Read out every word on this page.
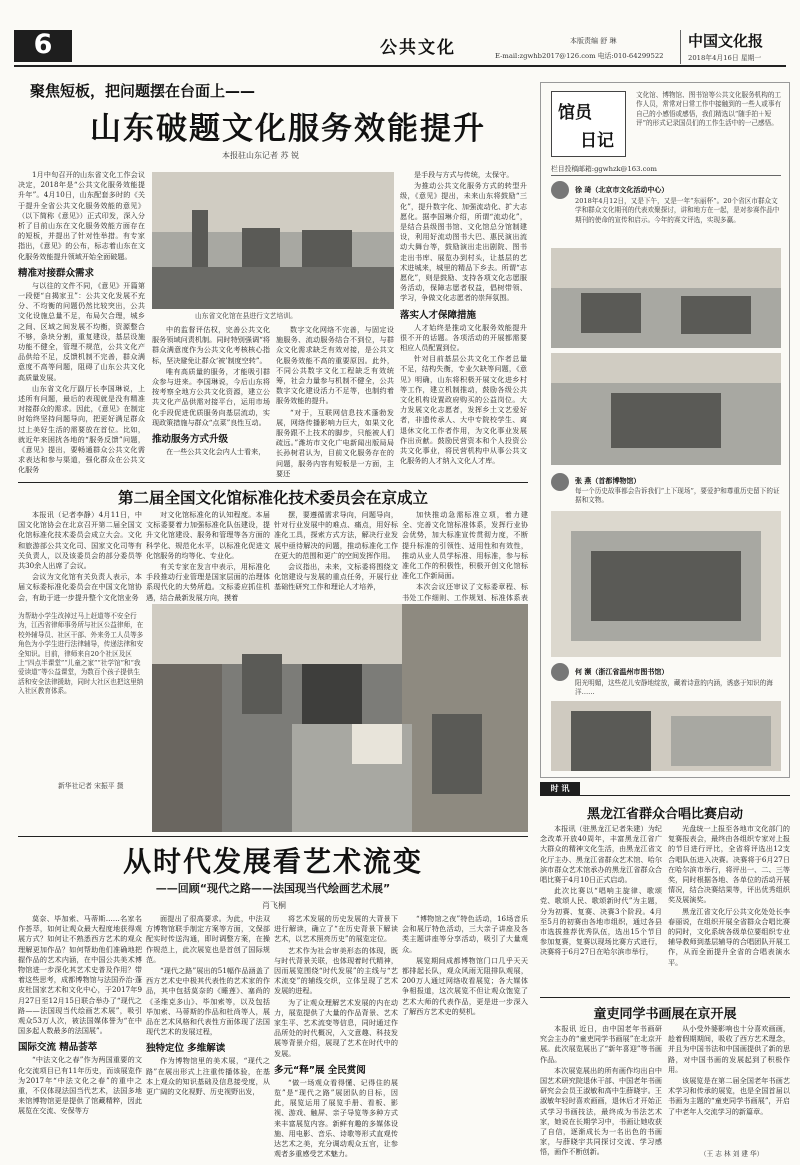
6	公共文化	本版责编 舒 琳
E-mail:zgwhb2017@126.com 电话:010-64299522
中国文化报
2018年4月16日 星期一
聚焦短板，把问题摆在台面上——
山东破题文化服务效能提升
本报驻山东记者 苏 锐

1月中旬召开的山东省文化工作会议决定，2018年是“公共文化服务效能提升年”。4月10日，山东配套多时的《关于提升全省公共文化服务效能的意见》（以下简称《意见》）正式印发，深入分析了目前山东在文化服务效能方面存在的短板，并提出了针对性举措。有专家指出，《意见》的公布，标志着山东在文化服务效能提升领域开始全面破题。

精准对接群众需求

与以往的文件不同，《意见》开篇第一段便“自揭家丑”：公共文化发展不充分、不均衡的问题仍然比较突出，公共文化设施总量不足，布局欠合理，城乡之间、区域之间发展不均衡，资源整合不够，条块分割，重复建设，基层设施功能不健全，管理不规范，公共文化产品供给不足，反馈机制不完善，群众满意度不高等问题，阻碍了山东公共文化高质量发展。

山东省文化厅副厅长李国琳说，上述所有问题，最后的表现就是没有精准对接群众的需求。因此，《意见》在制定时始终坚持问题导向，把更好满足群众过上美好生活的需要放在首位。比如，就近年来困扰各地的“服务反馈”问题，《意见》提出，要畅通群众公共文化需求表达和参与渠道，强化群众在公共文化服务

山东省文化馆在县进行文艺培训。

中的监督评估权，完善公共文化服务领域问责机制。同时特别强调“将群众满意度作为公共文化考核核心指标，坚决避免让群众‘被’制度空转”。

唯有高质量的服务，才能吸引群众参与进来。李国琳说，今后山东将按考察全地方公共文化资源，建立公共文化产品供需对接平台，运用市场化手段促进优质服务向基层流动，实现政策措施与群众“点菜”良性互动。

推动服务方式升级

在一些公共文化会内人士看来，

数字文化网络不完善，与固定设施服务、流动服务结合不到位，与群众文化需求缺乏有效对接，是公共文化服务效能不高的重要原因。此外，不同公共数字文化工程缺乏有效统筹，社会力量参与机制不健全，公共数字文化建设活力不足等，也制约着服务效能的提升。

“对于，互联网信息技术蓬勃发展，网络传播影响力巨大，如果文化服务跟不上技术的脚步，只能被人们疏远。”潍坊市文化广电新闻出版局局长孙树君认为，目前文化服务存在的问题，服务内容有短板是一方面，主要还

是手段与方式与传统，太保守。

为推动公共文化服务方式的转型升级，《意见》提出，未来山东将鼓励“三化”，提升数字化、加强流动化、扩大志愿化。据李国琳介绍，所谓“流动化”，是结合县级图书馆、文化馆总分馆制建设，利用好流动图书大巴、惠民演出流动大舞台等，鼓励演出走出剧院、图书走出书库、展览办到村头，让基层的艺术进城来，城里的精品下乡去。所谓“志愿化”，则是鼓励、支持各项文化志愿服务活动，保障志愿者权益，倡树带领、学习，争做文化志愿者的崇拜氛围。

落实人才保障措施

人才始终是推动文化服务效能提升很不开的话题。各项活动的开展都需要相应人员配置到位。

针对目前基层公共文化工作者总量不足，结构失衡，专业欠缺等问题，《意见》明确，山东将积极开展文化进乡村等工作，建立机制推动，鼓励各级公共文化机构设置政府购买的公益岗位。大力发展文化志愿者，发挥乡土文艺爱好者，非遗传承人、大中专院校学生、离退休文化工作者作用，为文化事业发展作出贡献。鼓励民营资本和个人投资公共文化事业，将民营机构中从事公共文化服务的人才纳入文化人才库。

馆员
日记
文化馆、博物馆、图书馆等公共文化服务机构的工作人员，常常对日常工作中接触到的一些人或事有自己的小感悟或感悟，我们精选以“随手拍＋短评”的形式记录国员们的工作生活中的一己感悟。
栏目投稿邮箱:ggwhzk@163.com
徐 琦（北京市文化活动中心）
2018年4月12日，又是下午，又是一年“东丽杯”。20个省区市群众文学和群众文化期刊的代表欢聚探讨，讲和地方在一起，是对参赛作品中期刊的使命的宣传和启示。今年的赛文评选，实现多赢。
张 燕（首都博物馆）
每一个历史故事都会告诉我们“上下现场”，要爱护和尊重历史留下的证据和文物。
何 濒（浙江省温州市图书馆）
阳光明媚，这些花儿安静地绽放，藏着诗意的内涵，诱惑于知识的海洋……
第二届全国文化馆标准化技术委员会在京成立

本报讯（记者李静）4月11日，中国文化馆协会在北京召开第二届全国文化馆标准化技术委员会成立大会。文化和旅游部公共文化司、国家文化司等有关负责人，以及该委员会的部分委员等共30余人出席了会议。

会议为文化馆有关负责人表示，本届文标委标准化委员会在中国文化馆协会，有助于进一步提升整个文化馆业务

对文化馆标准化的认知程度。本届文标委要着力加强标准化队伍建设，提升文化馆建设、服务和管理等各方面的科学化、规范化水平，以标准化促进文化馆服务的均等化、专业化。

有关专家在发言中表示，用标准化手段推动行业管理是国家层面的治理体系现代化的大势所趋。文标委应抓住机遇，结合最新发展方向，摸着

摆，要遵循需求导向，问题导向，针对行业发展中的难点、痛点，用好标准化工具，探索方式方法，解决行业发展中亟待解决的问题，推动标准化工作在更大的范围和更广的空间发挥作用。

会议指出，未来，文标委将围绕文化馆建设与发展的重点任务，开展行业基础性研究工作和理论人才培养，

加快推动急需标准立项，着力建全、完善文化馆标准体系，发挥行业协会优势，加大标准宣传贯彻力度，不断提升标准的引领性、适用性和有效性，推动从业人员学标准、用标准，参与标准化工作的积极性，积极开创文化馆标准化工作新局面。

本次会议还审议了文标委章程、标书处工作细则、工作规划、标准体系表

为帮助小学生改掉过马上赶道等不安全行为，江西省律师事务所与社区公益律师，在校外辅导员、社区干部、外来务工人员等多角色为小学生进行法律辅导，传递法律和安全知识。目前，律师来自20个社区及区上“四点半课堂”“儿童之家”“社学馆”和“我爱读道”等公益课堂，为数百个孩子提供生活和安全法律援助，同时大社区也把这里纳入社区教育体系。
新华社记者 宋振平 摄
从时代发展看艺术流变
——回顾“现代之路——法国现当代绘画艺术展”
肖飞桐

莫奈、毕加索、马蒂斯……名家名作荟萃，如何让观众最大程度地获得观展方式？如何让不熟悉西方艺术的观众理解更加作品？如何帮助他们准确地把握作品的艺术内涵，在中国公共美术博物馆进一步深化其艺术史普及作用？带着这些思考，成都博物馆与法国乔治·蓬皮杜国家艺术和文化中心，于2017年9月27日至12月15日联合举办了“现代之路——法国现当代绘画艺术展”，吸引观众53万人次，被法国媒体誉为“在中国多起人数最多的法国展”。

国际交流 精品荟萃

“中法文化之春”作为两国重要的文化交流项目已有11年历史，而该展览作为2017年“中法文化之春”的重中之重，不仅体现法国当代艺术，法国多地来馆博物馆更是提供了馆藏精粹，因此展览在交流、安保等方

面提出了很高要求。为此，中法双方博物馆联手制定方案等方面，文保部配实时传送沟通，即时调整方案，在操作规范上，此次展览也是首创了国际规范。

“现代之路”展出的51幅作品涵盖了西方艺术史中极其代表性的艺术家的作品，其中包括莫奈的《睡莲》、塞尚的《圣维克多山》、毕加索等，以及包括毕加索、马蒂斯的作品和杜尚等人，展品在艺术风格和代表性方面体现了法国现代艺术的发展过程，

独特定位 多维解读

作为博物馆里的美术展，“现代之路”在展出形式上注重传播体验，在基本上观众的知识基础及信息接受度，从更广阔的文化视野、历史视野出发，

将艺术发展的历史发展的大背景下进行解读，确立了“在历史背景下解读艺术，以艺术照亮历史”的展览定位。

艺术作为社会审美形态的体现，既与时代背景关联，也体现着时代精神，因而展览围绕“时代发展”的主线与“艺术流变”的辅线交织，立体呈现了艺术发展的进程。

为了让观众理解艺术发展的内在动力，展览提供了大量的作品背景、艺术家生平、艺术流变等信息，同时通过作品所处的时代概况，入文意趣、科技发展等背景介绍，展现了艺术在时代中的发展。

多元“释”展 全民赏阅

“做一场观众看得懂、记得住的展览”是“现代之路”展团队的目标，因此，展览运用了展览手册、看板、影视、游戏、触屏、亲子导览等多种方式来丰富展览内容。新鲜有趣的多媒体设施、用电影、音乐、诗歌等形式直观传达艺术之美，充分调动观众五官，让参观者多重感受艺术魅力。

“博物馆之夜”特色活动，16场音乐会和展厅特色活动，三大亲子讲座及各类主题讲座等分享活动，吸引了大量观众。

展览期间成都博物馆门口几乎天天都排起长队，观众风雨无阻排队观展，200万人通过网络收看展览；各大媒体争相报道，这次展览不但让观众饱览了艺术大师的代表作品，更是进一步深入了解西方艺术史的契机。

时 讯
黑龙江省群众合唱比赛启动

本报讯（驻黑龙江记者朱建）为纪念改革开放40周年，丰富黑龙江省广大群众的精神文化生活，由黑龙江省文化厅主办、黑龙江省群众艺术馆、哈尔滨市群众艺术馆承办的黑龙江省群众合唱比赛于4月10日正式启动。

此次比赛以“唱响主旋律、歌颂党、歌颂人民、歌颂新时代”为主题，分为初赛、复赛、决赛3个阶段。4月至5月的初赛由各地市组织，通过各县市选拔推荐优秀队伍，选出15个节目参加复赛，复赛以现场比赛方式进行，决赛将于6月27日在哈尔滨市举行，

光盘统一上报至各地市文化部门的复赛报表会，最终由各组织专家对上报的节目进行评比，全省将评选出12支合唱队伍进入决赛。决赛将于6月27日在哈尔滨市举行，将评出一、二、三等奖，同时根据各地、各单位的活动开展情况，结合决赛结果等，评出优秀组织奖及展演奖。

黑龙江省文化厅公共文化处处长李春丽说，在组织开展全省群众合唱比赛的同时，文化系统各级单位要组织专业辅导教师到基层辅导的合唱团队开展工作，从而全面提升全省的合唱表演水平。

童吏同学书画展在京开展

本报讯 近日，由中国老年书画研究会主办的“童吏同学书画展”在北京开展。此次展览展出了“新年喜迎”等书画作品。

本次展览展出的所有画作均出自中国艺术研究院退休干部、中国老年书画研究会会员王淑敏和高中生薛晓宇。王淑敏年轻时喜欢画画，退休后才开始正式学习书画技法，最终成为书法艺术家，她说在长期学习中，书画让她收获了自信，逐渐成长为一名出色的书画家，与薛晓宇共同探讨交流、学习感悟，画作不断创新。

从小受外婆影响也十分喜欢画画，趁着假期期间，吸收了西方艺术理念，并且为中国书法和中国画提供了新的思路，对中国书画的发展起到了积极作用。

该展览是在第二届全国老年书画艺术学习和传承的展览，也是全国首届以书画为主题的“童吏同学书画展”，开启了中老年人交流学习的新篇章。

（王 志 林 刘 建 华）
